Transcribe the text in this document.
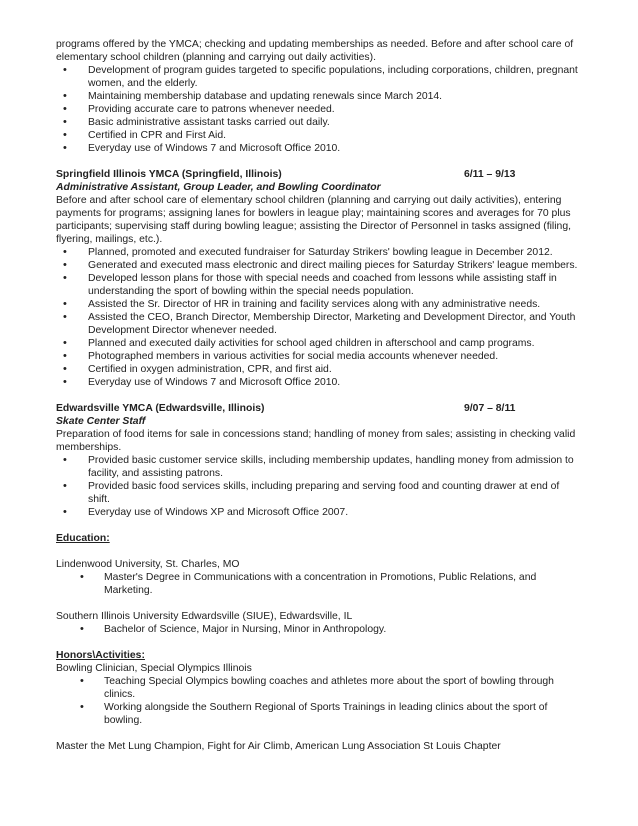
programs offered by the YMCA; checking and updating memberships as needed. Before and after school care of elementary school children (planning and carrying out daily activities).

• Development of program guides targeted to specific populations, including corporations, children, pregnant women, and the elderly.
• Maintaining membership database and updating renewals since March 2014.
• Providing accurate care to patrons whenever needed.
• Basic administrative assistant tasks carried out daily.
• Certified in CPR and First Aid.
• Everyday use of Windows 7 and Microsoft Office 2010.
Springfield Illinois YMCA (Springfield, Illinois)	6/11 – 9/13

Administrative Assistant, Group Leader, and Bowling Coordinator

Before and after school care of elementary school children (planning and carrying out daily activities), entering payments for programs; assigning lanes for bowlers in league play; maintaining scores and averages for 70 plus participants; supervising staff during bowling league; assisting the Director of Personnel in tasks assigned (filing, flyering, mailings, etc.).

• Planned, promoted and executed fundraiser for Saturday Strikers' bowling league in December 2012.
• Generated and executed mass electronic and direct mailing pieces for Saturday Strikers' league members.
• Developed lesson plans for those with special needs and coached from lessons while assisting staff in understanding the sport of bowling within the special needs population.
• Assisted the Sr. Director of HR in training and facility services along with any administrative needs.
• Assisted the CEO, Branch Director, Membership Director, Marketing and Development Director, and Youth Development Director whenever needed.
• Planned and executed daily activities for school aged children in afterschool and camp programs.
• Photographed members in various activities for social media accounts whenever needed.
• Certified in oxygen administration, CPR, and first aid.
• Everyday use of Windows 7 and Microsoft Office 2010.
Edwardsville YMCA (Edwardsville, Illinois)	9/07 – 8/11

Skate Center Staff

Preparation of food items for sale in concessions stand; handling of money from sales; assisting in checking valid memberships.

• Provided basic customer service skills, including membership updates, handling money from admission to facility, and assisting patrons.
• Provided basic food services skills, including preparing and serving food and counting drawer at end of shift.
• Everyday use of Windows XP and Microsoft Office 2007.

Education:

Lindenwood University, St. Charles, MO

• Master's Degree in Communications with a concentration in Promotions, Public Relations, and Marketing.

Southern Illinois University Edwardsville (SIUE), Edwardsville, IL

• Bachelor of Science, Major in Nursing, Minor in Anthropology.

Honors\Activities:

Bowling Clinician, Special Olympics Illinois

• Teaching Special Olympics bowling coaches and athletes more about the sport of bowling through clinics.
• Working alongside the Southern Regional of Sports Trainings in leading clinics about the sport of bowling.

Master the Met Lung Champion, Fight for Air Climb, American Lung Association St Louis Chapter
